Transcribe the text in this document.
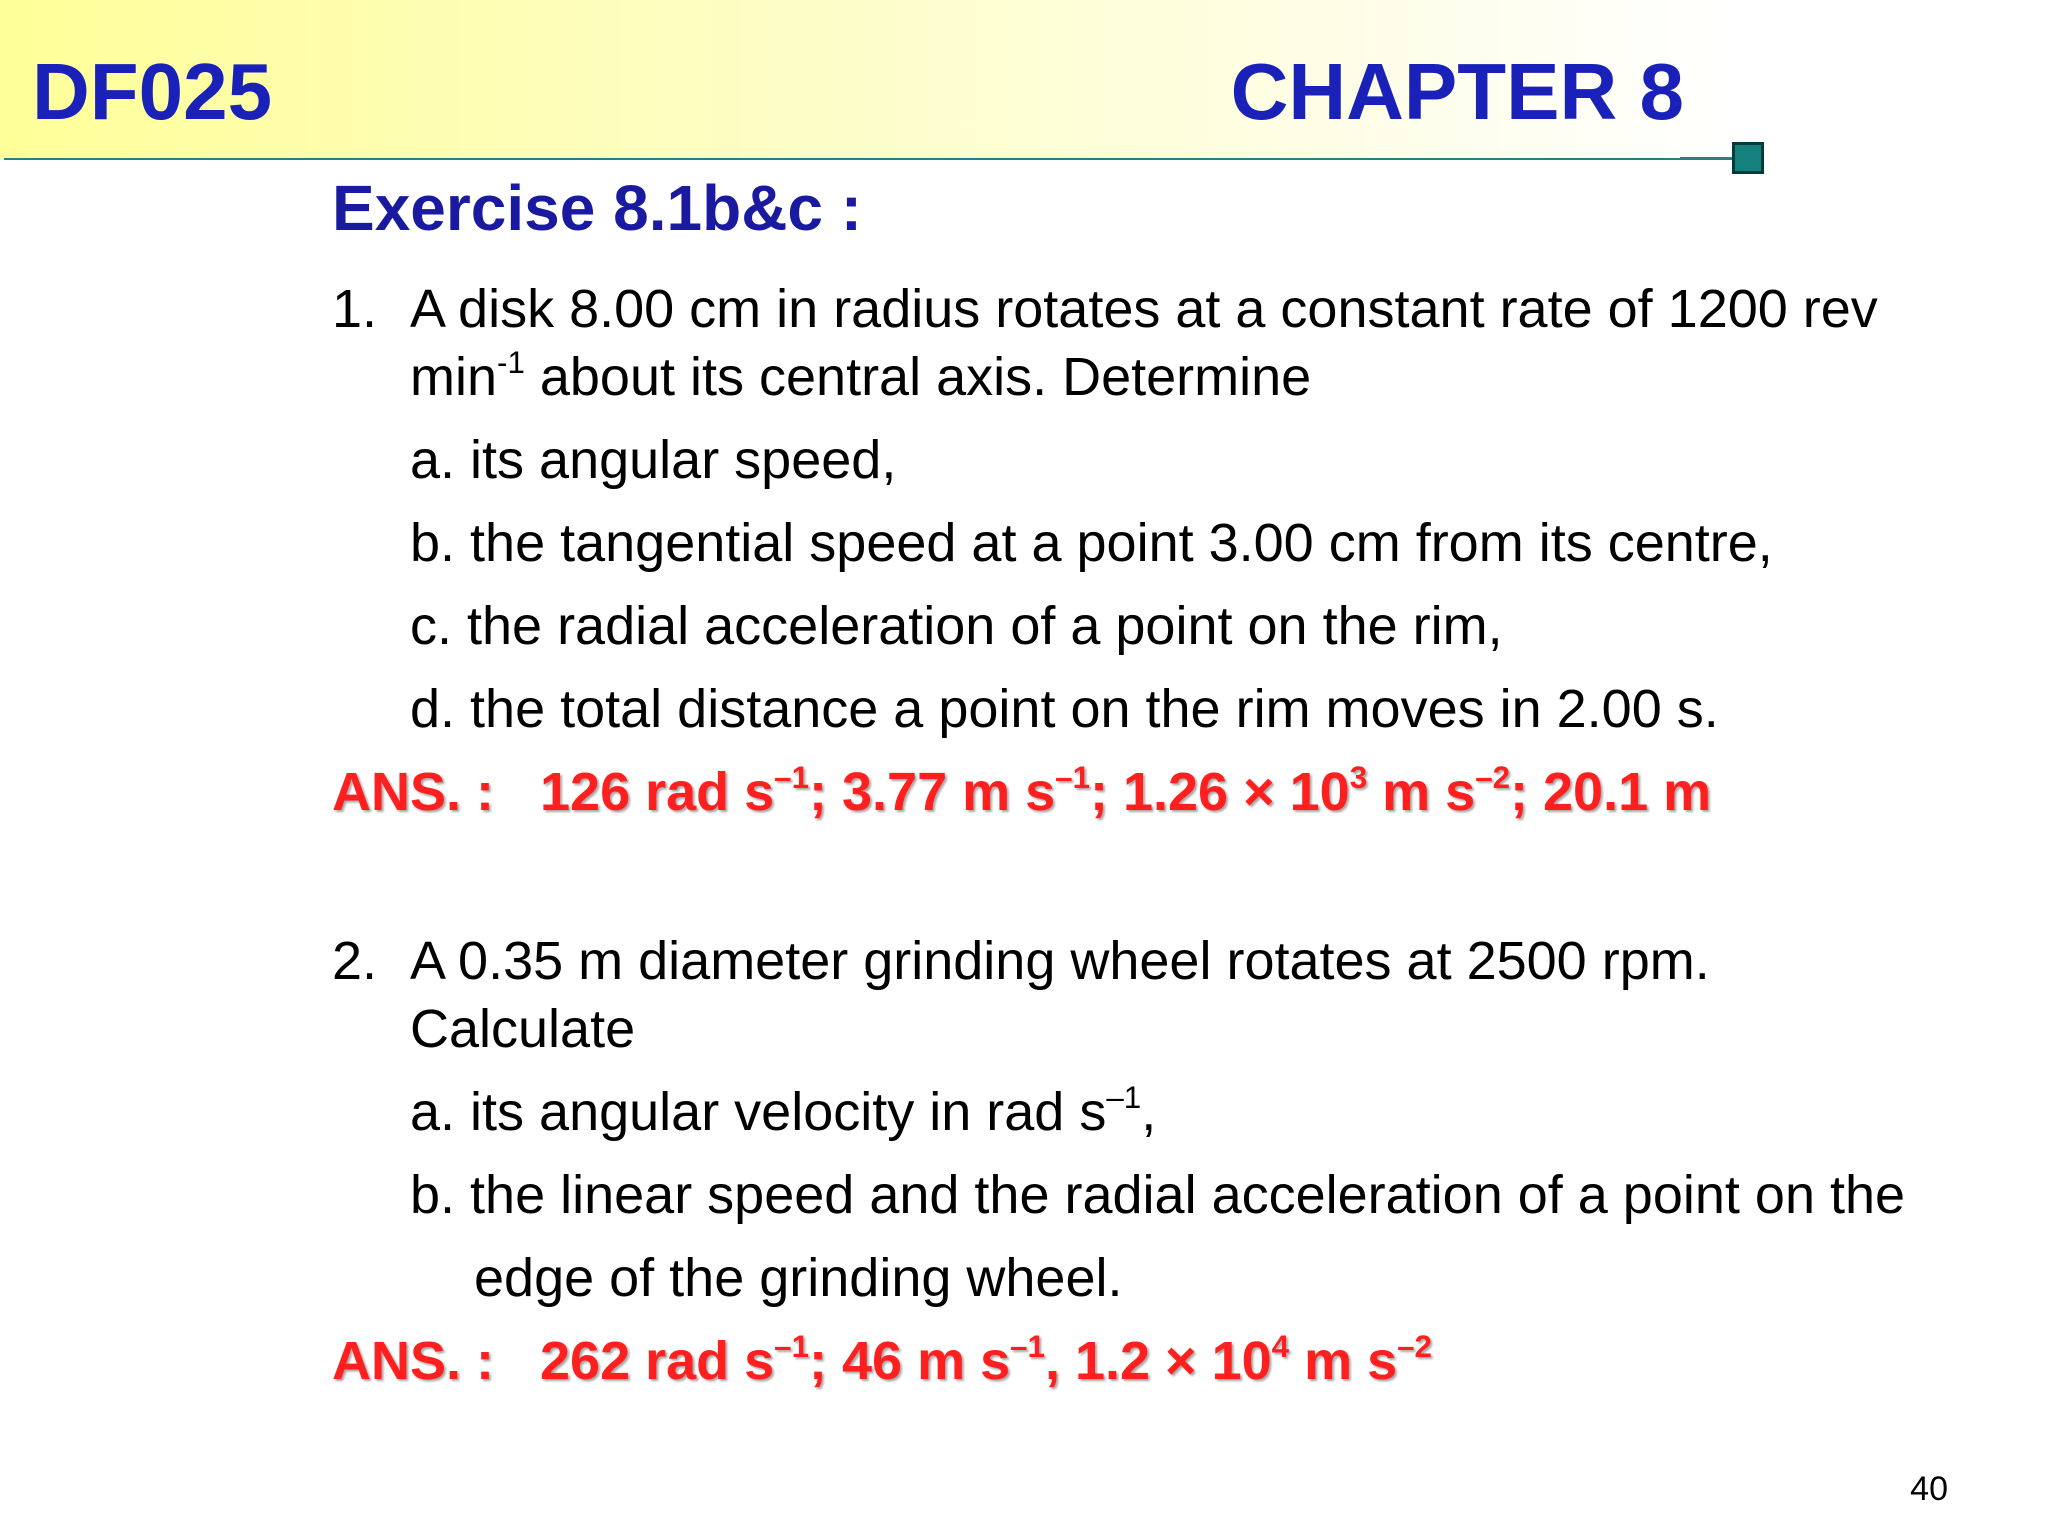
DF025	CHAPTER 8
Exercise 8.1b&c :
1. A disk 8.00 cm in radius rotates at a constant rate of 1200 rev
$\min^{-1}$ about its central axis. Determine
a. its angular speed,
b. the tangential speed at a point 3.00 cm from its centre,
c. the radial acceleration of a point on the rim,
d. the total distance a point on the rim moves in 2.00 s.
ANS. : 126 rad $s^{-1}$; 3.77 m $s^{-1}$; $1.26 \times 10^3$ m $s^{-2}$; 20.1 m
2. A 0.35 m diameter grinding wheel rotates at 2500 rpm.
Calculate
a. its angular velocity in rad $s^{-1}$,
b. the linear speed and the radial acceleration of a point on the
edge of the grinding wheel.
ANS. : 262 rad $s^{-1}$; 46 m $s^{-1}$, $1.2 \times 10^4$ m $s^{-2}$
40
